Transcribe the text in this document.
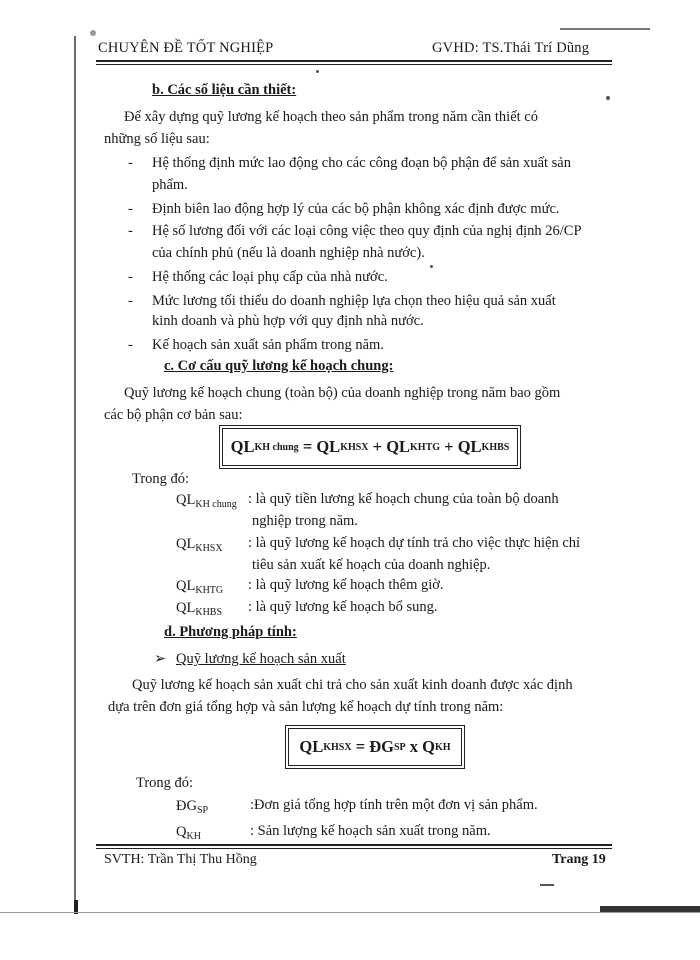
CHUYÊN ĐỀ TỐT NGHIỆP	GVHD: TS.Thái Trí Dũng
b. Các số liệu cần thiết:
Để xây dựng quỹ lương kế hoạch theo sản phẩm trong năm cần thiết có
những số liệu sau:
- Hệ thống định mức lao động cho các công đoạn bộ phận để sản xuất sản
phẩm.
- Định biên lao động hợp lý của các bộ phận không xác định được mức.
- Hệ số lương đối với các loại công việc theo quy định của nghị định 26/CP
của chính phủ (nếu là doanh nghiệp nhà nước).
- Hệ thống các loại phụ cấp của nhà nước.
- Mức lương tối thiểu do doanh nghiệp lựa chọn theo hiệu quả sản xuất
kinh doanh và phù hợp với quy định nhà nước.
- Kế hoạch sản xuất sản phẩm trong năm.
c. Cơ cấu quỹ lương kế hoạch chung:
Quỹ lương kế hoạch chung (toàn bộ) của doanh nghiệp trong năm bao gồm
các bộ phận cơ bản sau:
QL KH chung = QL KHSX + QL KHTG + QL KHBS
Trong đó:
$QL_{KH chung}$ : là quỹ tiền lương kế hoạch chung của toàn bộ doanh
nghiệp trong năm.
$QL_{KHSX}$ : là quỹ lương kế hoạch dự tính trả cho việc thực hiện chỉ
tiêu sản xuất kế hoạch của doanh nghiệp.
$QL_{KHTG}$ : là quỹ lương kế hoạch thêm giờ.
$QL_{KHBS}$ : là quỹ lương kế hoạch bổ sung.
d. Phương pháp tính:
➢ Quỹ lương kế hoạch sản xuất
Quỹ lương kế hoạch sản xuất chi trả cho sản xuất kinh doanh được xác định
dựa trên đơn giá tổng hợp và sản lượng kế hoạch dự tính trong năm:
QL KHSX = ĐG SP x Q KH
Trong đó:
$ĐG_{SP}$	:Đơn giá tổng hợp tính trên một đơn vị sản phẩm.
$Q_{KH}$	: Sản lượng kế hoạch sản xuất trong năm.
SVTH: Trần Thị Thu Hồng	Trang 19
